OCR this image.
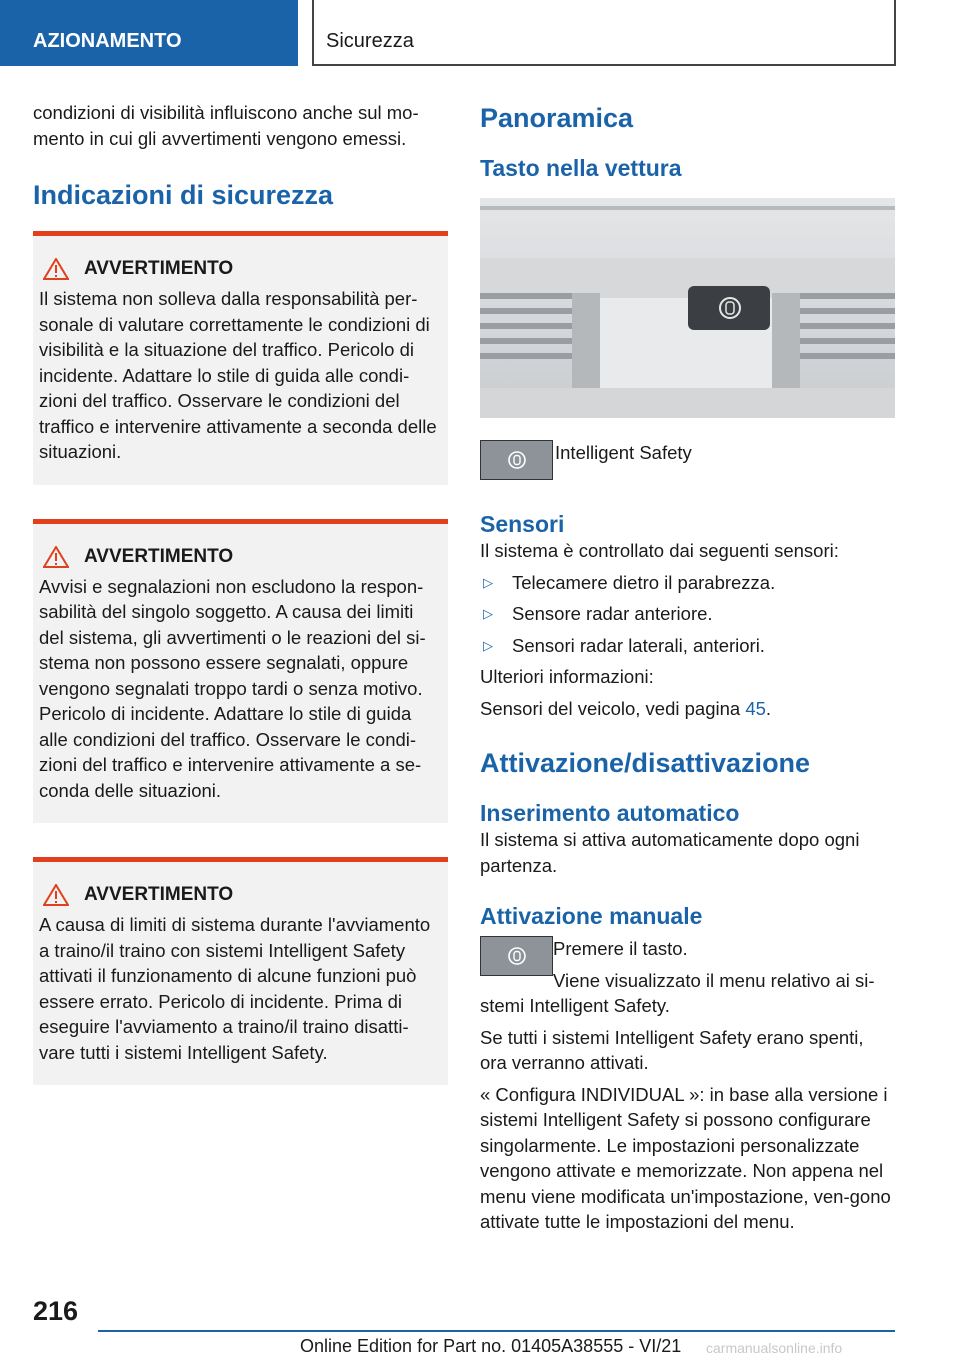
AZIONAMENTO	Sicurezza

condizioni di visibilità influiscono anche sul mo-mento in cui gli avvertimenti vengono emessi.

Indicazioni di sicurezza
AVVERTIMENTO

Il sistema non solleva dalla responsabilità per-sonale di valutare correttamente le condizioni di visibilità e la situazione del traffico. Pericolo di incidente. Adattare lo stile di guida alle condi-zioni del traffico. Osservare le condizioni del traffico e intervenire attivamente a seconda delle situazioni.

AVVERTIMENTO

Avvisi e segnalazioni non escludono la respon-sabilità del singolo soggetto. A causa dei limiti del sistema, gli avvertimenti o le reazioni del si-stema non possono essere segnalati, oppure vengono segnalati troppo tardi o senza motivo. Pericolo di incidente. Adattare lo stile di guida alle condizioni del traffico. Osservare le condi-zioni del traffico e intervenire attivamente a se-conda delle situazioni.

AVVERTIMENTO

A causa di limiti di sistema durante l'avviamento a traino/il traino con sistemi Intelligent Safety attivati il funzionamento di alcune funzioni può essere errato. Pericolo di incidente. Prima di eseguire l'avviamento a traino/il traino disatti-vare tutti i sistemi Intelligent Safety.

Panoramica
Tasto nella vettura

Intelligent Safety

Sensori

Il sistema è controllato dai seguenti sensori:

▷	Telecamere dietro il parabrezza.
▷	Sensore radar anteriore.
▷	Sensori radar laterali, anteriori.

Ulteriori informazioni:

Sensori del veicolo, vedi pagina 45.

Attivazione/disattivazione
Inserimento automatico

Il sistema si attiva automaticamente dopo ogni partenza.

Attivazione manuale

Premere il tasto.

Viene visualizzato il menu relativo ai si-

stemi Intelligent Safety.

Se tutti i sistemi Intelligent Safety erano spenti, ora verranno attivati.

« Configura INDIVIDUAL »: in base alla versione i sistemi Intelligent Safety si possono configurare singolarmente. Le impostazioni personalizzate vengono attivate e memorizzate. Non appena nel menu viene modificata un'impostazione, ven-gono attivate tutte le impostazioni del menu.

216
Online Edition for Part no. 01405A38555 - VI/21 carmanualsonline.info
